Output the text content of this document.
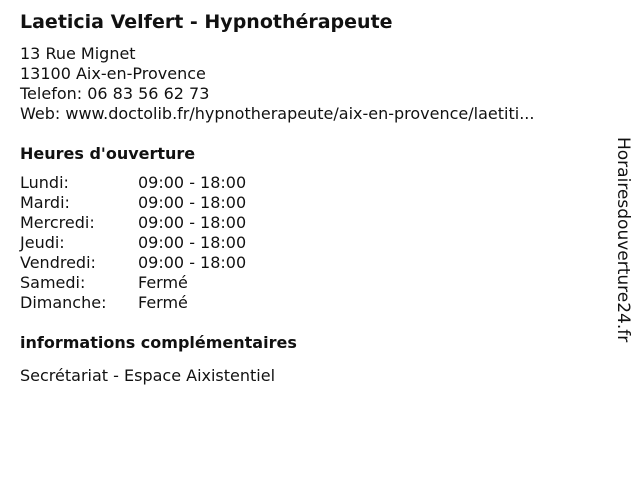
Laeticia Velfert - Hypnothérapeute
13 Rue Mignet
13100 Aix-en-Provence
Telefon: 06 83 56 62 73
Web: www.doctolib.fr/hypnotherapeute/aix-en-provence/laetiti...
Heures d'ouverture
Lundi:	09:00 - 18:00
Mardi:	09:00 - 18:00
Mercredi:	09:00 - 18:00
Jeudi:	09:00 - 18:00
Vendredi:	09:00 - 18:00
Samedi:	Fermé
Dimanche:	Fermé
informations complémentaires
Secrétariat - Espace Aixistentiel
Horairesdouverture24.fr
